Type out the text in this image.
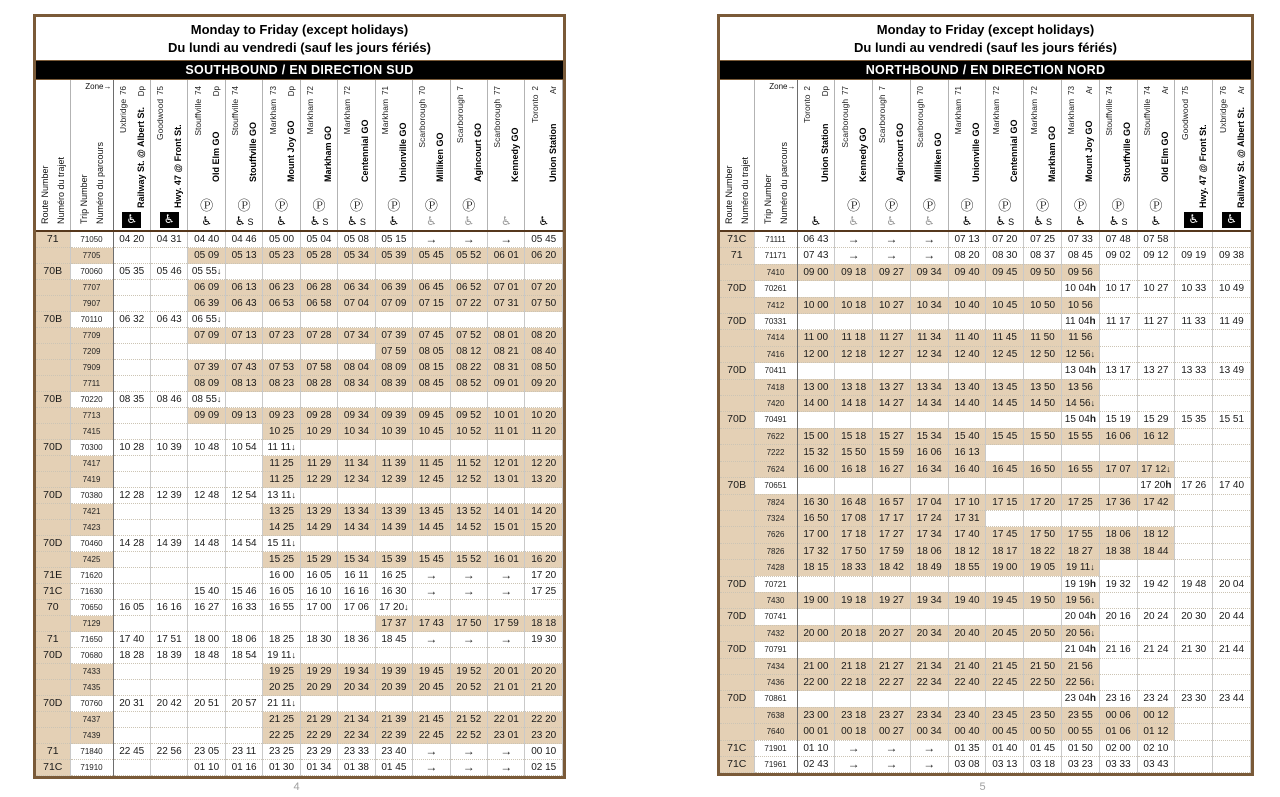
Monday to Friday (except holidays)
Du lundi au vendredi (sauf les jours fériés)
SOUTHBOUND / EN DIRECTION SUD
Route Number Numéro du trajet	Trip Number Numéro du parcours
Zone→

Uxbridge
76
Railway St. @ Albert St.
Dp
♿

Goodwood
75
Hwy. 47 @ Front St.
♿

Stouffville
74
Old Elm GO
Dp
Ⓟ
♿

Stouffville
74
Stouffville GO
Ⓟ
♿ S

Markham
73
Mount Joy GO
Dp
Ⓟ
♿

Markham
72
Markham GO
Ⓟ
♿ S

Markham
72
Centennial GO
Ⓟ
♿ S

Markham
71
Unionville GO
Ⓟ
♿

Scarborough
70
Milliken GO
Ⓟ
♿

Scarborough
7
Agincourt GO
Ⓟ
♿

Scarborough
77
Kennedy GO
♿

Toronto
2
Union Station
Ar
♿

71	71050	04 20	04 31	04 40	04 46	05 00	05 04	05 08	05 15	→	→	→	05 45
	7705			05 09	05 13	05 23	05 28	05 34	05 39	05 45	05 52	06 01	06 20
70B	70060	05 35	05 46	05 55↓									
	7707			06 09	06 13	06 23	06 28	06 34	06 39	06 45	06 52	07 01	07 20
	7907			06 39	06 43	06 53	06 58	07 04	07 09	07 15	07 22	07 31	07 50
70B	70110	06 32	06 43	06 55↓									
	7709			07 09	07 13	07 23	07 28	07 34	07 39	07 45	07 52	08 01	08 20
	7209								07 59	08 05	08 12	08 21	08 40
	7909			07 39	07 43	07 53	07 58	08 04	08 09	08 15	08 22	08 31	08 50
	7711			08 09	08 13	08 23	08 28	08 34	08 39	08 45	08 52	09 01	09 20
70B	70220	08 35	08 46	08 55↓									
	7713			09 09	09 13	09 23	09 28	09 34	09 39	09 45	09 52	10 01	10 20
	7415					10 25	10 29	10 34	10 39	10 45	10 52	11 01	11 20
70D	70300	10 28	10 39	10 48	10 54	11 11↓							
	7417					11 25	11 29	11 34	11 39	11 45	11 52	12 01	12 20
	7419					11 25	12 29	12 34	12 39	12 45	12 52	13 01	13 20
70D	70380	12 28	12 39	12 48	12 54	13 11↓							
	7421					13 25	13 29	13 34	13 39	13 45	13 52	14 01	14 20
	7423					14 25	14 29	14 34	14 39	14 45	14 52	15 01	15 20
70D	70460	14 28	14 39	14 48	14 54	15 11↓							
	7425					15 25	15 29	15 34	15 39	15 45	15 52	16 01	16 20
71E	71620					16 00	16 05	16 11	16 25	→	→	→	17 20
71C	71630			15 40	15 46	16 05	16 10	16 16	16 30	→	→	→	17 25
70	70650	16 05	16 16	16 27	16 33	16 55	17 00	17 06	17 20↓				
	7129								17 37	17 43	17 50	17 59	18 18
71	71650	17 40	17 51	18 00	18 06	18 25	18 30	18 36	18 45	→	→	→	19 30
70D	70680	18 28	18 39	18 48	18 54	19 11↓							
	7433					19 25	19 29	19 34	19 39	19 45	19 52	20 01	20 20
	7435					20 25	20 29	20 34	20 39	20 45	20 52	21 01	21 20
70D	70760	20 31	20 42	20 51	20 57	21 11↓							
	7437					21 25	21 29	21 34	21 39	21 45	21 52	22 01	22 20
	7439					22 25	22 29	22 34	22 39	22 45	22 52	23 01	23 20
71	71840	22 45	22 56	23 05	23 11	23 25	23 29	23 33	23 40	→	→	→	00 10
71C	71910			01 10	01 16	01 30	01 34	01 38	01 45	→	→	→	02 15
Monday to Friday (except holidays)
Du lundi au vendredi (sauf les jours fériés)
NORTHBOUND / EN DIRECTION NORD
Route Number Numéro du trajet	Trip Number Numéro du parcours
Zone→

Toronto
2
Union Station
Dp
♿

Scarborough
77
Kennedy GO
Ⓟ
♿

Scarborough
7
Agincourt GO
Ⓟ
♿

Scarborough
70
Milliken GO
Ⓟ
♿

Markham
71
Unionville GO
Ⓟ
♿

Markham
72
Centennial GO
Ⓟ
♿ S

Markham
72
Markham GO
Ⓟ
♿ S

Markham
73
Mount Joy GO
Ar
Ⓟ
♿

Stouffville
74
Stouffville GO
Ⓟ
♿ S

Stouffville
74
Old Elm GO
Ar
Ⓟ
♿

Goodwood
75
Hwy. 47 @ Front St.
♿

Uxbridge
76
Railway St. @ Albert St.
Ar
♿

71C	71111	06 43	→	→	→	07 13	07 20	07 25	07 33	07 48	07 58		
71	71171	07 43	→	→	→	08 20	08 30	08 37	08 45	09 02	09 12	09 19	09 38
	7410	09 00	09 18	09 27	09 34	09 40	09 45	09 50	09 56				
70D	70261								10 04h	10 17	10 27	10 33	10 49
	7412	10 00	10 18	10 27	10 34	10 40	10 45	10 50	10 56				
70D	70331								11 04h	11 17	11 27	11 33	11 49
	7414	11 00	11 18	11 27	11 34	11 40	11 45	11 50	11 56				
	7416	12 00	12 18	12 27	12 34	12 40	12 45	12 50	12 56↓				
70D	70411								13 04h	13 17	13 27	13 33	13 49
	7418	13 00	13 18	13 27	13 34	13 40	13 45	13 50	13 56				
	7420	14 00	14 18	14 27	14 34	14 40	14 45	14 50	14 56↓				
70D	70491								15 04h	15 19	15 29	15 35	15 51
	7622	15 00	15 18	15 27	15 34	15 40	15 45	15 50	15 55	16 06	16 12		
	7222	15 32	15 50	15 59	16 06	16 13							
	7624	16 00	16 18	16 27	16 34	16 40	16 45	16 50	16 55	17 07	17 12↓		
70B	70651										17 20h	17 26	17 40
	7824	16 30	16 48	16 57	17 04	17 10	17 15	17 20	17 25	17 36	17 42		
	7324	16 50	17 08	17 17	17 24	17 31							
	7626	17 00	17 18	17 27	17 34	17 40	17 45	17 50	17 55	18 06	18 12		
	7826	17 32	17 50	17 59	18 06	18 12	18 17	18 22	18 27	18 38	18 44		
	7428	18 15	18 33	18 42	18 49	18 55	19 00	19 05	19 11↓				
70D	70721								19 19h	19 32	19 42	19 48	20 04
	7430	19 00	19 18	19 27	19 34	19 40	19 45	19 50	19 56↓				
70D	70741								20 04h	20 16	20 24	20 30	20 44
	7432	20 00	20 18	20 27	20 34	20 40	20 45	20 50	20 56↓				
70D	70791								21 04h	21 16	21 24	21 30	21 44
	7434	21 00	21 18	21 27	21 34	21 40	21 45	21 50	21 56				
	7436	22 00	22 18	22 27	22 34	22 40	22 45	22 50	22 56↓				
70D	70861								23 04h	23 16	23 24	23 30	23 44
	7638	23 00	23 18	23 27	23 34	23 40	23 45	23 50	23 55	00 06	00 12		
	7640	00 01	00 18	00 27	00 34	00 40	00 45	00 50	00 55	01 06	01 12		
71C	71901	01 10	→	→	→	01 35	01 40	01 45	01 50	02 00	02 10		
71C	71961	02 43	→	→	→	03 08	03 13	03 18	03 23	03 33	03 43		
4	5
